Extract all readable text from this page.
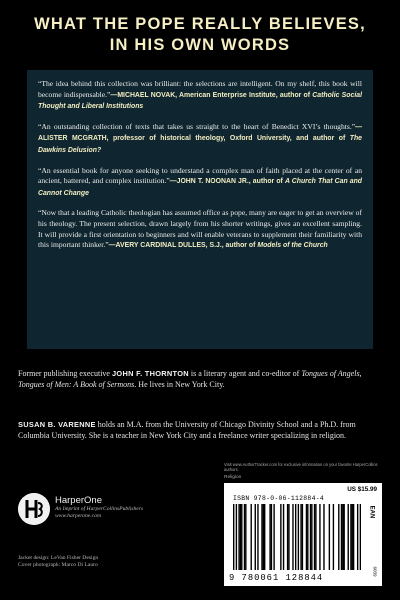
WHAT THE POPE REALLY BELIEVES,
IN HIS OWN WORDS

“The idea behind this collection was brilliant: the selections are intelligent. On my shelf, this book will become indispensable.”—MICHAEL NOVAK, American Enterprise Institute, author of Catholic Social Thought and Liberal Institutions

“An outstanding collection of texts that takes us straight to the heart of Benedict XVI’s thoughts.”—ALISTER MCGRATH, professor of historical theology, Oxford University, and author of The Dawkins Delusion?

“An essential book for anyone seeking to understand a complex man of faith placed at the center of an ancient, battered, and complex institution.”—JOHN T. NOONAN JR., author of A Church That Can and Cannot Change

“Now that a leading Catholic theologian has assumed office as pope, many are eager to get an overview of his theology. The present selection, drawn largely from his shorter writings, gives an excellent sampling. It will provide a first orientation to beginners and will enable veterans to supplement their familiarity with this important thinker.”—AVERY CARDINAL DULLES, S.J., author of Models of the Church

Former publishing executive JOHN F. THORNTON is a literary agent and co-editor of Tongues of Angels, Tongues of Men: A Book of Sermons. He lives in New York City.

SUSAN B. VARENNE holds an M.A. from the University of Chicago Divinity School and a Ph.D. from Columbia University. She is a teacher in New York City and a freelance writer specializing in religion.

HarperOne
An Imprint of HarperCollinsPublishers
www.harperone.com
Jacket design: LeVan Fisher Design
Cover photograph: Marco Di Lauro
Visit www.AuthorTracker.com for exclusive information on your favorite HarperCollins authors.
Religion
US $15.99
ISBN 978-0-06-112884-4
EAN
6039
9 780061 128844
